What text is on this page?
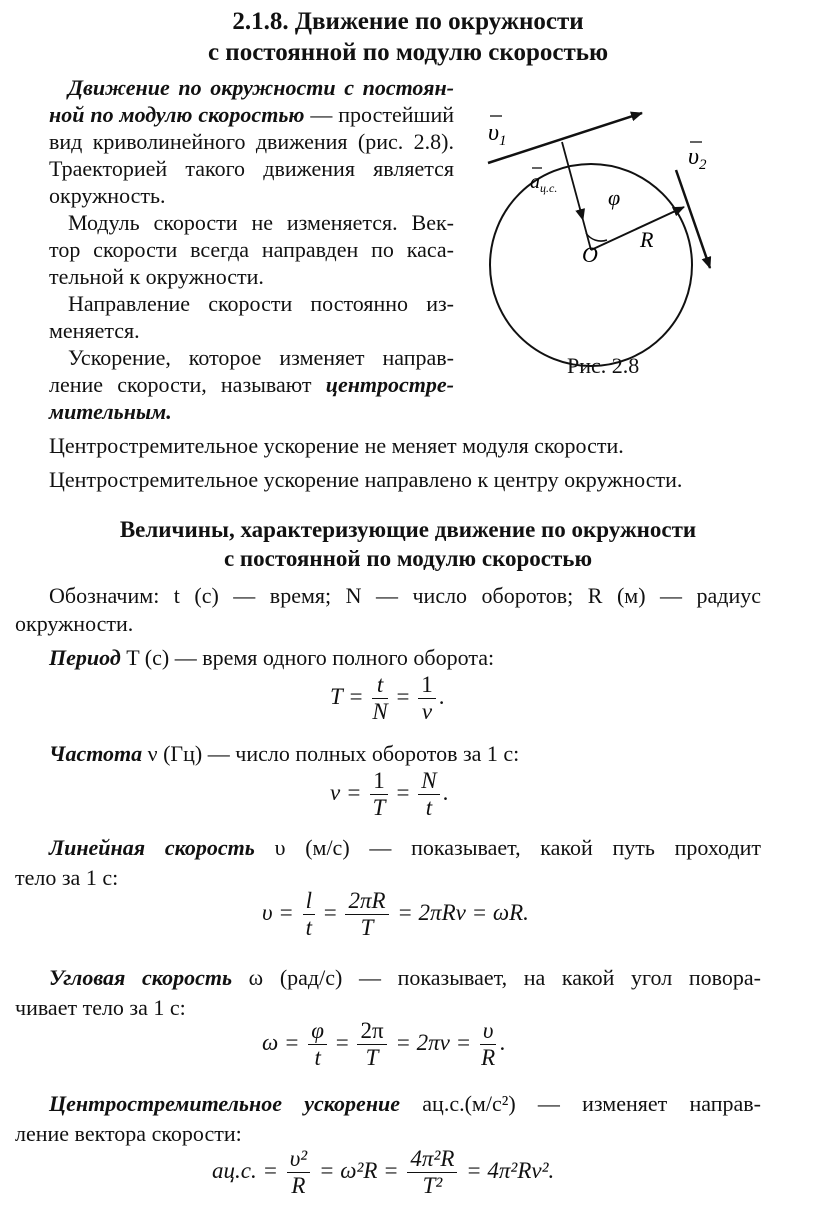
2.1.8. Движение по окружности
с постоянной по модулю скоростью
Движение по окружности с постоян-
ной по модулю скоростью — простейший
вид криволинейного движения (рис. 2.8).
Траекторией такого движения является
окружность.
Модуль скорости не изменяется. Век-
тор скорости всегда направден по каса-
тельной к окружности.
Направление скорости постоянно из-
меняется.
Ускорение, которое изменяет направ-
ление скорости, называют центростре-
мительным.
$\upsilon_1$
$\upsilon_2$
$a_{ц.с.}$ φ
O
R
Рис. 2.8
Центростремительное ускорение не меняет модуля скорости.
Центростремительное ускорение направлено к центру окружности.
Величины, характеризующие движение по окружности
с постоянной по модулю скоростью
Обозначим: t (с) — время; N — число оборотов; R (м) — радиус
окружности.
Период T (с) — время одного полного оборота:
$T = \frac{t}{N} = \frac{1}{\nu}$ .
Частота ν (Гц) — число полных оборотов за 1 с:
$\nu = \frac{1}{T} = \frac{N}{t}$ .
Линейная скорость υ (м/с) — показывает, какой путь проходит
тело за 1 с:
$\upsilon = \frac{l}{t} = \frac{2\pi R}{T} = 2\pi R\nu = \omega R$.
Угловая скорость ω (рад/с) — показывает, на какой угол повора-
чивает тело за 1 с:
$\omega = \frac{\varphi}{t} = \frac{2\pi}{T} = 2\pi\nu = \frac{\upsilon}{R}$ .
Центростремительное ускорение aц.с.(м/с²) — изменяет направ-
ление вектора скорости:
aц.с. = $\frac{\text{υ²}}{R} = \omega^2R = \frac{\text{4π²R}}{\text{T²}} = 4\pi^2R\nu^2$.
